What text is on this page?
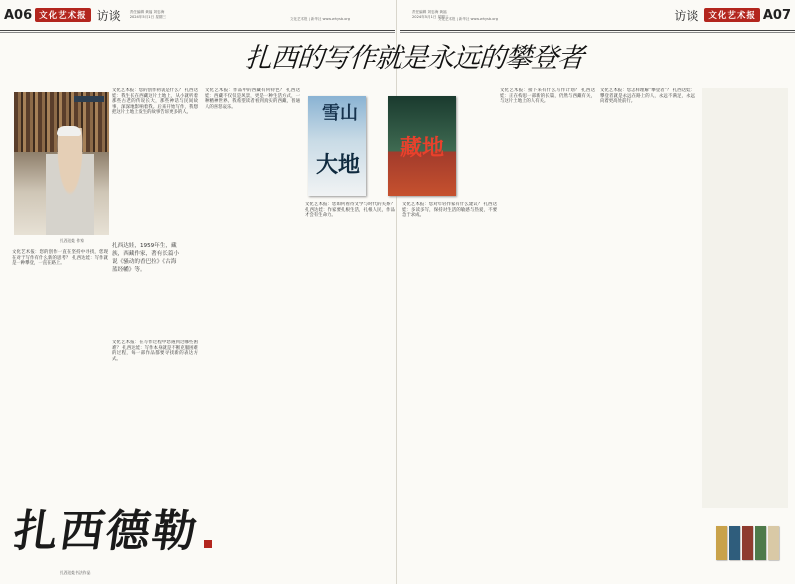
A06 文化艺术报 访谈	责任编辑 黄福 刘忠海
2024年5月1日 星期三	文化艺术报 | 新华社 www.whysb.org
责任编辑 刘忠海 黄福
2024年5月1日 星期三	访谈	文化艺术报 A07
文化艺术报 | 新华社 www.whysb.org
扎西的写作就是永远的攀登者
扎西达娃 作家
扎西达娃，1959年生，藏族，西藏作家，著有长篇小说《骚动的香巴拉》《古海蓝经幡》等。
文化艺术报：您的创作一直在坚持中寻找，您现在对于写作有什么新的思考？ 扎西达娃：写作就是一种攀登，一直在路上。
文化艺术报：您的创作初衷是什么？ 扎西达娃：我生长在西藏这片土地上，从小就听着那些古老的传说长大，那些神话与民间故事，深深地影响着我。后来开始写作，我想把这片土地上发生的故事告诉更多的人。
文化艺术报：作品中的西藏有何特色？ 扎西达娃：西藏不仅仅是风景，更是一种生活方式，一种精神世界。我希望读者看到真实的西藏，普通人的喜怒哀乐。
文化艺术报：在写作过程中您遇到过哪些困难？ 扎西达娃：写作本身就是不断克服困难的过程，每一部作品都要寻找新的表达方式。
文化艺术报：您如何看待文学与时代的关系？ 扎西达娃：作家要扎根生活，扎根人民，作品才会有生命力。
文化艺术报：您对年轻作家有什么建议？ 扎西达娃：多读多写，保持对生活的敏感与热爱，不要急于求成。
文化艺术报：接下来有什么写作计划？ 扎西达娃：正在构思一部新的长篇，仍然与西藏有关，与这片土地上的人有关。
文化艺术报：您怎样理解“攀登者”？ 扎西达娃：攀登者就是永远在路上的人，永远不满足，永远向着更高处前行。
雪山
大地
藏地
扎西德勒
扎西达娃书法作品
